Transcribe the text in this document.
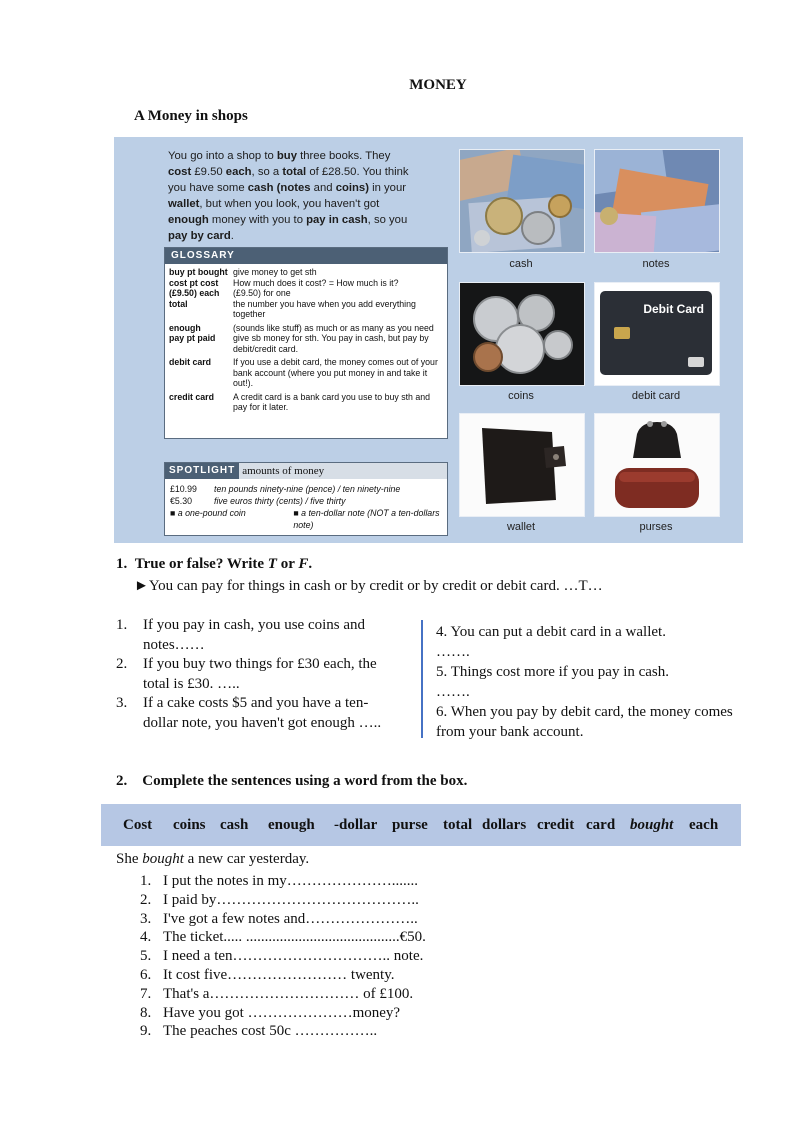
MONEY
A Money in shops
You go into a shop to buy three books. They cost £9.50 each, so a total of £28.50. You think you have some cash (notes and coins) in your wallet, but when you look, you haven't got enough money with you to pay in cash, so you pay by card.
GLOSSARY
buy pt bought give money to get sth
cost pt cost	How much does it cost? = How much is it?
(£9.50) each	(£9.50) for one
total	the number you have when you add everything together
enough	(sounds like stuff) as much or as many as you need
pay pt paid	give sb money for sth. You pay in cash, but pay by debit/credit card.
debit card	If you use a debit card, the money comes out of your bank account (where you put money in and take it out!).
credit card	A credit card is a bank card you use to buy sth and pay for it later.
SPOTLIGHT amounts of money
£10.99	ten pounds ninety-nine (pence) / ten ninety-nine
€5.30	five euros thirty (cents) / five thirty
■ a one-pound coin	■ a ten-dollar note (NOT a ten-dollars note)
cash	notes
coins
Debit Card
debit card
wallet	purses
1. True or false? Write T or F.
►You can pay for things in cash or by credit or by credit or debit card. …T…
1.	If you pay in cash, you use coins and notes……
2.	If you buy two things for £30 each, the total is £30. …..
3.	If a cake costs $5 and you have a ten-dollar note, you haven't got enough …..
4. You can put a debit card in a wallet.
…….
5. Things cost more if you pay in cash.
…….
6. When you pay by debit card, the money comes from your bank account.
2. Complete the sentences using a word from the box.
Cost coins cash enough -dollar purse total dollars credit card bought each
She bought a new car yesterday.
1. I put the notes in my………………….......
2. I paid by…………………………………..
3. I've got a few notes and…………………..
4. The ticket..... .........................................€50.
5. I need a ten………………………….. note.
6. It cost five…………………… twenty.
7. That's a………………………… of £100.
8. Have you got …………………money?
9. The peaches cost 50c ……………..
